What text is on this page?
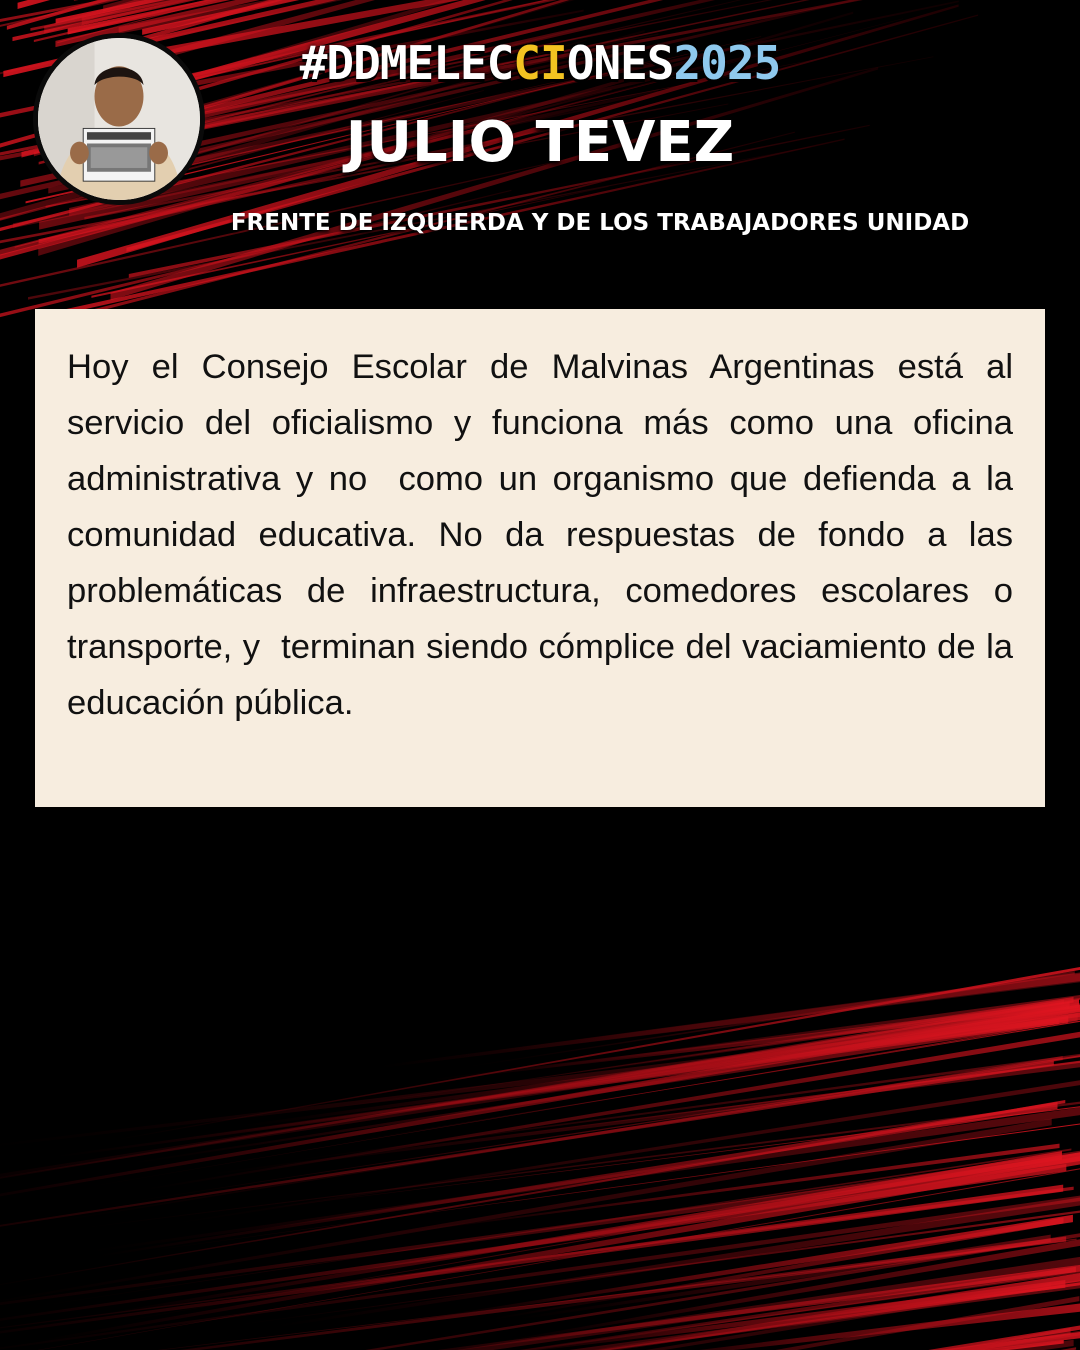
#DDMELECCIONES2025
JULIO TEVEZ
FRENTE DE IZQUIERDA Y DE LOS TRABAJADORES UNIDAD

Hoy el Consejo Escolar de Malvinas Argentinas está al servicio del oficialismo y funciona más como una oficina administrativa y no  como un organismo que defienda a la comunidad educativa. No da respuestas de fondo a las problemáticas de infraestructura, comedores escolares o transporte, y  terminan siendo cómplice del vaciamiento de la educación pública.
